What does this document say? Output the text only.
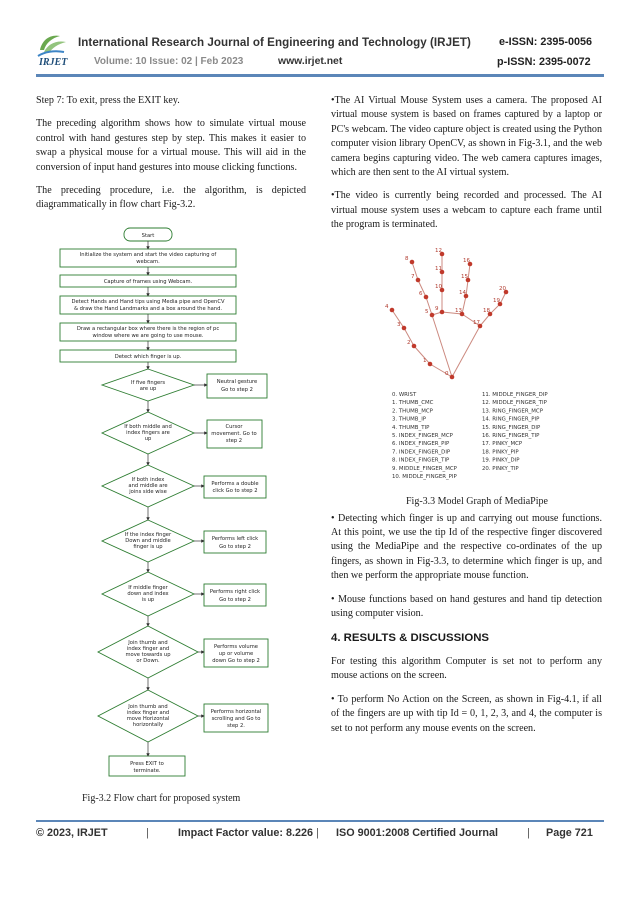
IRJET
International Research Journal of Engineering and Technology (IRJET)	e-ISSN: 2395-0056
Volume: 10 Issue: 02 | Feb 2023	www.irjet.net	p-ISSN: 2395-0072

Step 7: To exit, press the EXIT key.

The preceding algorithm shows how to simulate virtual mouse control with hand gestures step by step. This makes it easier to swap a physical mouse for a virtual mouse. This will aid in the conversion of input hand gestures into mouse clicking functions.

The preceding procedure, i.e. the algorithm, is depicted diagrammatically in flow chart Fig-3.2.

Start
Initialize the system and start the video capturing of
webcam.
Capture of frames using Webcam.
Detect Hands and Hand tips using Media pipe and OpenCV
& draw the Hand Landmarks and a box around the hand.
Draw a rectangular box where there is the region of pc
window where we are going to use mouse.
Detect which finger is up.
If five fingers
are up
Neutral gesture
Go to step 2
If both middle and
index fingers are
up
Cursor
movement. Go to
step 2
If both index
and middle are
joins side wise
Performs a double
click Go to step 2
If the index finger
Down and middle
finger is up
Performs left click
Go to step 2
If middle finger
down and index
is up
Performs right click
Go to step 2
Join thumb and
index finger and
move towards up
or Down.
Performs volume
up or volume
down Go to step 2
Join thumb and
index finger and
move Horizontal
horizontally
Performs horizontal
scrolling and Go to
step 2.
Press EXIT to
terminate.
Fig-3.2 Flow chart for proposed system

•The AI Virtual Mouse System uses a camera. The proposed AI virtual mouse system is based on frames captured by a laptop or PC's webcam. The video capture object is created using the Python computer vision library OpenCV, as shown in Fig-3.1, and the web camera begins capturing video. The web camera captures images, which are then sent to the AI virtual system.

•The video is currently being recorded and processed. The AI virtual mouse system uses a webcam to capture each frame until the program is terminated.

• Detecting which finger is up and carrying out mouse functions. At this point, we use the tip Id of the respective finger discovered using the MediaPipe and the respective co-ordinates of the up fingers, as shown in Fig-3.3, to determine which finger is up, and then we perform the appropriate mouse function.

• Mouse functions based on hand gestures and hand tip detection using computer vision.

4. RESULTS & DISCUSSIONS

For testing this algorithm Computer is set not to perform any mouse actions on the screen.

• To perform No Action on the Screen, as shown in Fig-4.1, if all of the fingers are up with tip Id = 0, 1, 2, 3, and 4, the computer is set to not perform any mouse events on the screen.

0
1
2
3
4
5
6
7
8
9
10
11
12
13
14
15
16
17
18
19
20
0. WRIST
1. THUMB_CMC
2. THUMB_MCP
3. THUMB_IP
4. THUMB_TIP
5. INDEX_FINGER_MCP
6. INDEX_FINGER_PIP
7. INDEX_FINGER_DIP
8. INDEX_FINGER_TIP
9. MIDDLE_FINGER_MCP
10. MIDDLE_FINGER_PIP
11. MIDDLE_FINGER_DIP
12. MIDDLE_FINGER_TIP
13. RING_FINGER_MCP
14. RING_FINGER_PIP
15. RING_FINGER_DIP
16. RING_FINGER_TIP
17. PINKY_MCP
18. PINKY_PIP
19. PINKY_DIP
20. PINKY_TIP
Fig-3.3 Model Graph of MediaPipe
© 2023, IRJET	|	Impact Factor value: 8.226 | ISO 9001:2008 Certified Journal	| Page 721
